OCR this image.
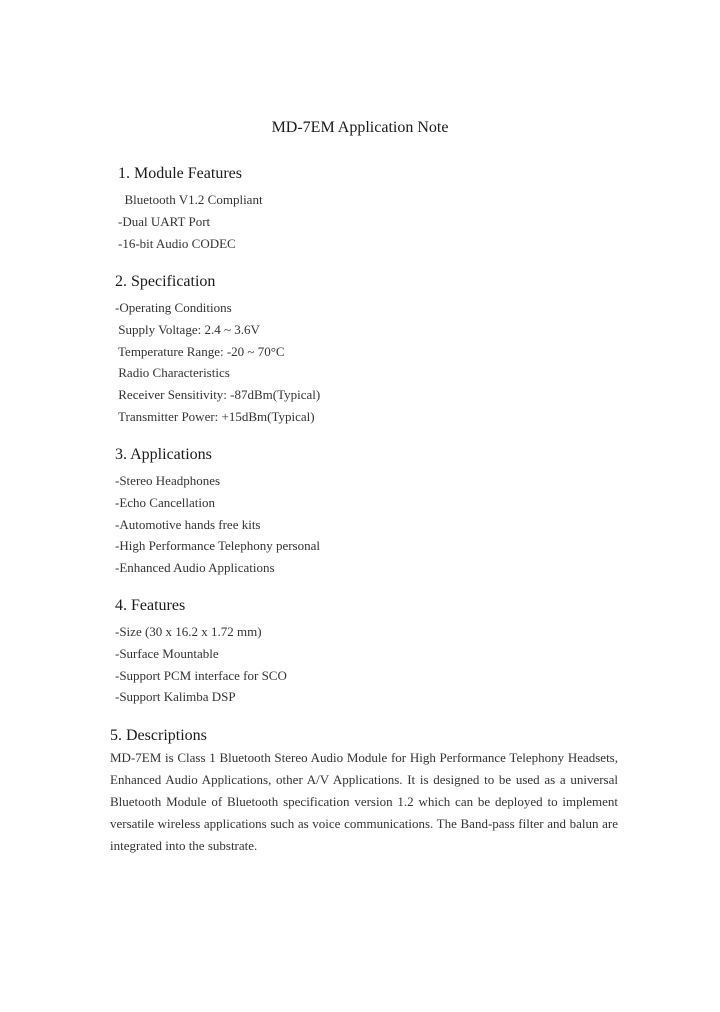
MD-7EM Application Note
1. Module Features
Bluetooth V1.2 Compliant
-Dual UART Port
-16-bit Audio CODEC
2. Specification
-Operating Conditions
Supply Voltage: 2.4 ~ 3.6V
Temperature Range: -20 ~ 70°C
Radio Characteristics
Receiver Sensitivity: -87dBm(Typical)
Transmitter Power: +15dBm(Typical)
3. Applications
-Stereo Headphones
-Echo Cancellation
-Automotive hands free kits
-High Performance Telephony personal
-Enhanced Audio Applications
4. Features
-Size (30 x 16.2 x 1.72 mm)
-Surface Mountable
-Support PCM interface for SCO
-Support Kalimba DSP
5. Descriptions

MD-7EM is Class 1 Bluetooth Stereo Audio Module for High Performance Telephony Headsets, Enhanced Audio Applications, other A/V Applications. It is designed to be used as a universal Bluetooth Module of Bluetooth specification version 1.2 which can be deployed to implement versatile wireless applications such as voice communications. The Band-pass filter and balun are integrated into the substrate.
